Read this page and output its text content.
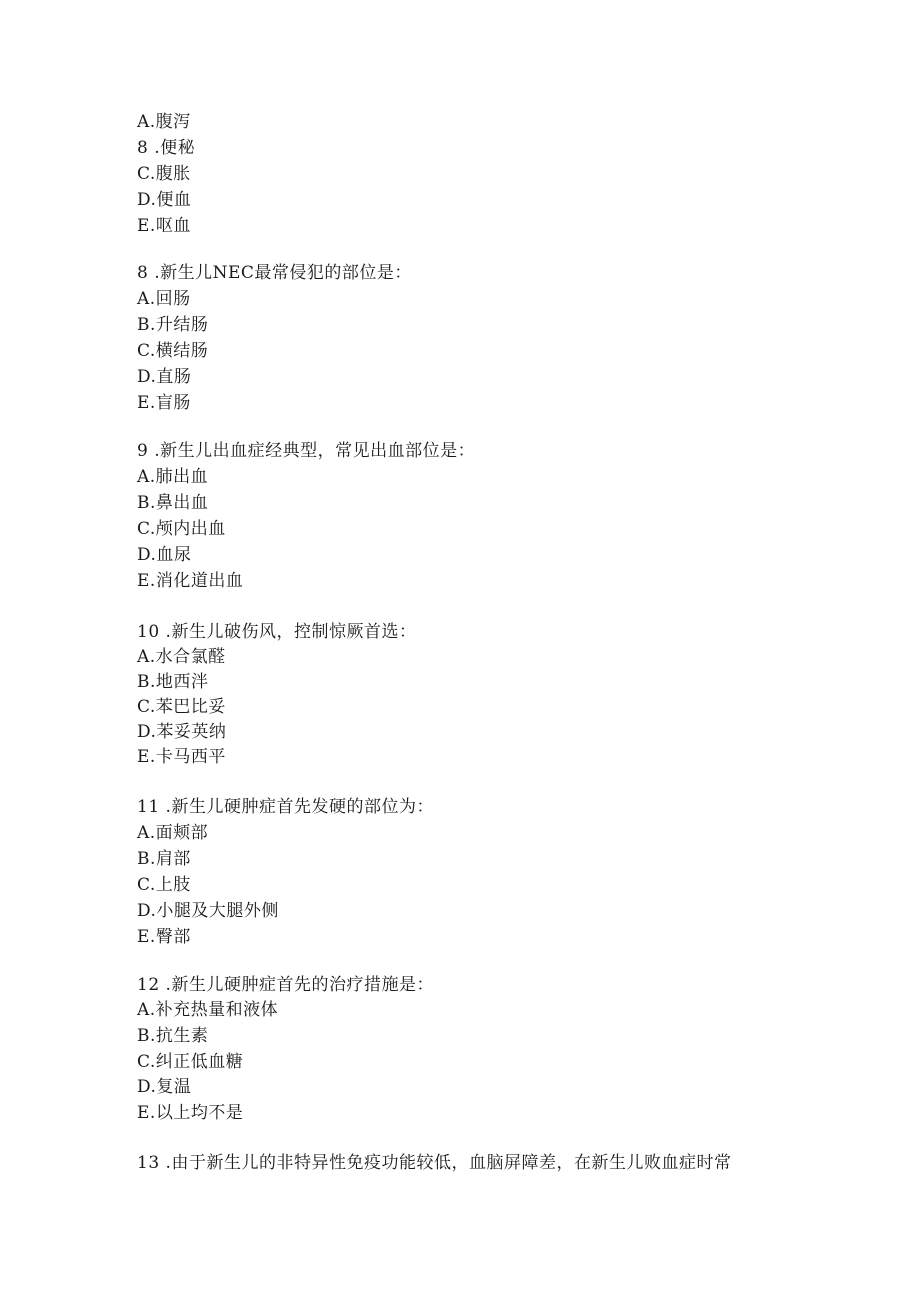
A.腹泻
8 .便秘
C.腹胀
D.便血
E.呕血
8 .新生儿NEC最常侵犯的部位是：
A.回肠
B.升结肠
C.横结肠
D.直肠
E.盲肠
9 .新生儿出血症经典型，常见出血部位是：
A.肺出血
B.鼻出血
C.颅内出血
D.血尿
E.消化道出血
10 .新生儿破伤风，控制惊厥首选：
A.水合氯醛
B.地西泮
C.苯巴比妥
D.苯妥英纳
E.卡马西平
11 .新生儿硬肿症首先发硬的部位为：
A.面颊部
B.肩部
C.上肢
D.小腿及大腿外侧
E.臀部
12 .新生儿硬肿症首先的治疗措施是：
A.补充热量和液体
B.抗生素
C.纠正低血糖
D.复温
E.以上均不是
13 .由于新生儿的非特异性免疫功能较低，血脑屏障差，在新生儿败血症时常
